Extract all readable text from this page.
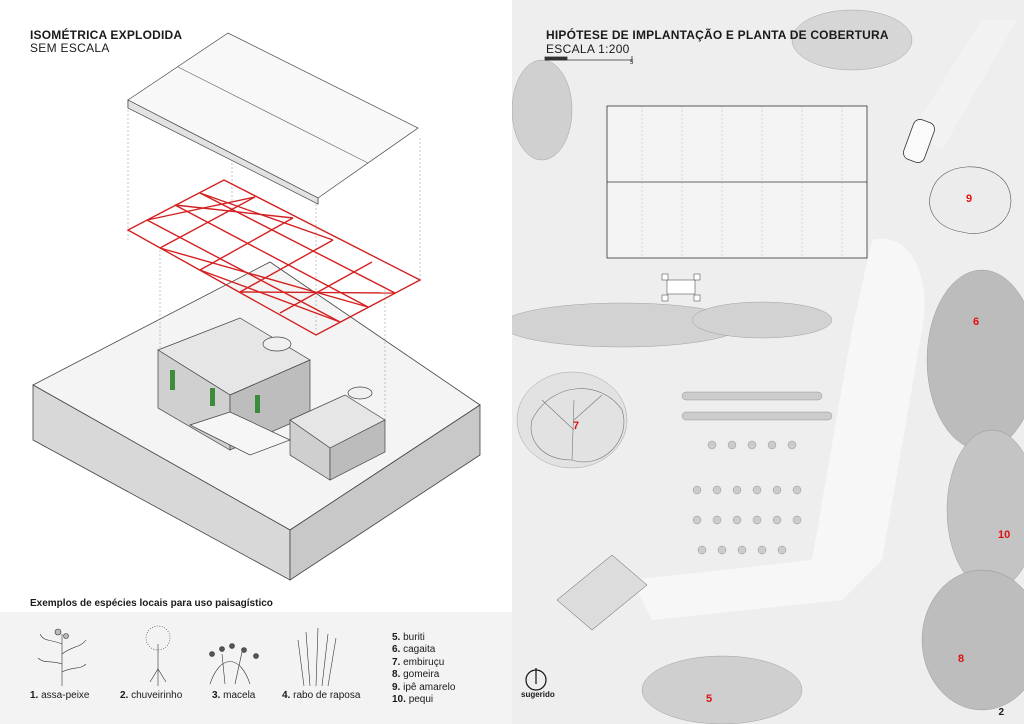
ISOMÉTRICA EXPLODIDA
SEM ESCALA
Exemplos de espécies locais para uso paisagístico
1. assa-peixe	2. chuveirinho	3. macela	4. rabo de raposa
5. buriti
6. cagaita
7. embiruçu
8. gomeira
9. ipê amarelo
10. pequi
HIPÓTESE DE IMPLANTAÇÃO E PLANTA DE COBERTURA
ESCALA 1:200
5
9
6
7
10
8
5
2
sugerido
